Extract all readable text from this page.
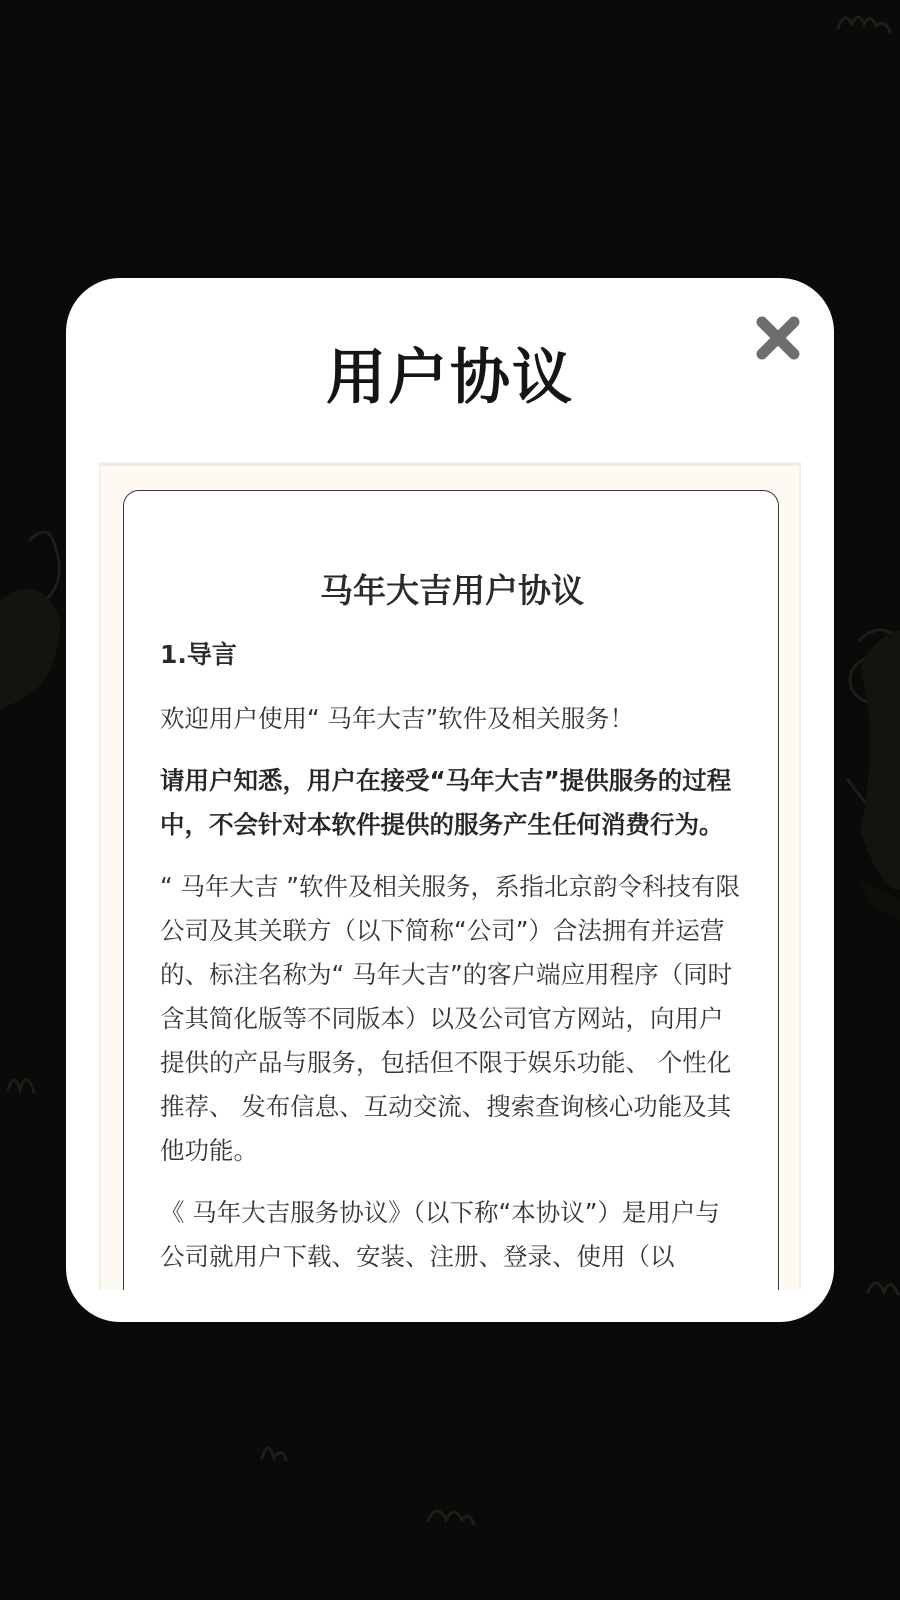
用户协议
马年大吉用户协议
1.导言

欢迎用户使用“ 马年大吉”软件及相关服务！

请用户知悉，用户在接受“马年大吉”提供服务的过程中，不会针对本软件提供的服务产生任何消费行为。

“ 马年大吉 ”软件及相关服务，系指北京韵令科技有限公司及其关联方（以下简称“公司”）合法拥有并运营的、标注名称为“ 马年大吉”的客户端应用程序（同时含其简化版等不同版本）以及公司官方网站，向用户提供的产品与服务，包括但不限于娱乐功能、 个性化推荐、 发布信息、互动交流、搜索查询核心功能及其他功能。

《 马年大吉服务协议》（以下称“本协议”）是用户与公司就用户下载、安装、注册、登录、使用（以
